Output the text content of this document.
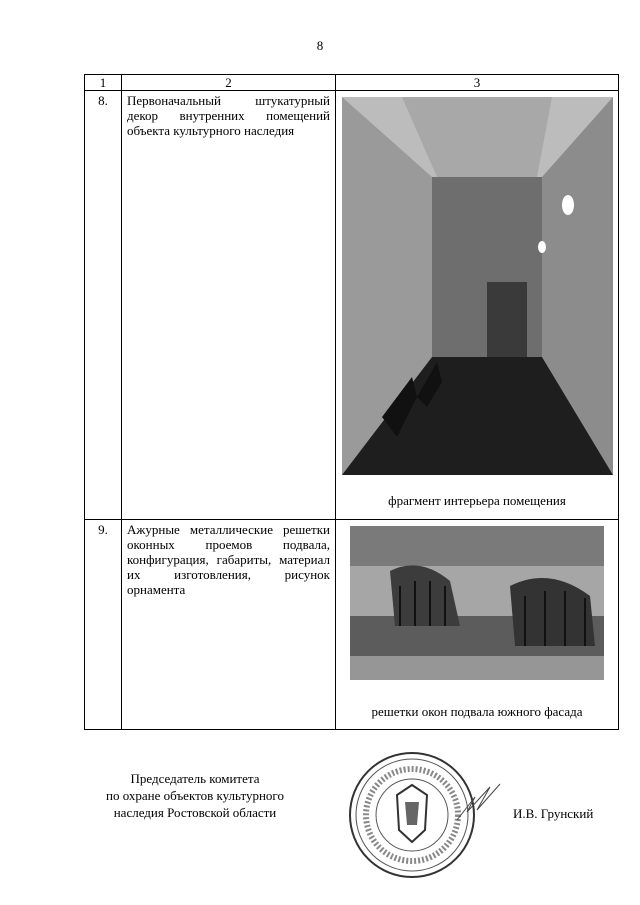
8
1	2	3
8.	Первоначальный штукатурный декор внутренних помещений объекта культурного наследия	фрагмент интерьера помещения

9.	Ажурные металлические решетки оконных проемов подвала, конфигурация, габариты, материал их изготовления, рисунок орнамента	решетки окон подвала южного фасада
Председатель комитета
по охране объектов культурного
наследия Ростовской области	И.В. Грунский
